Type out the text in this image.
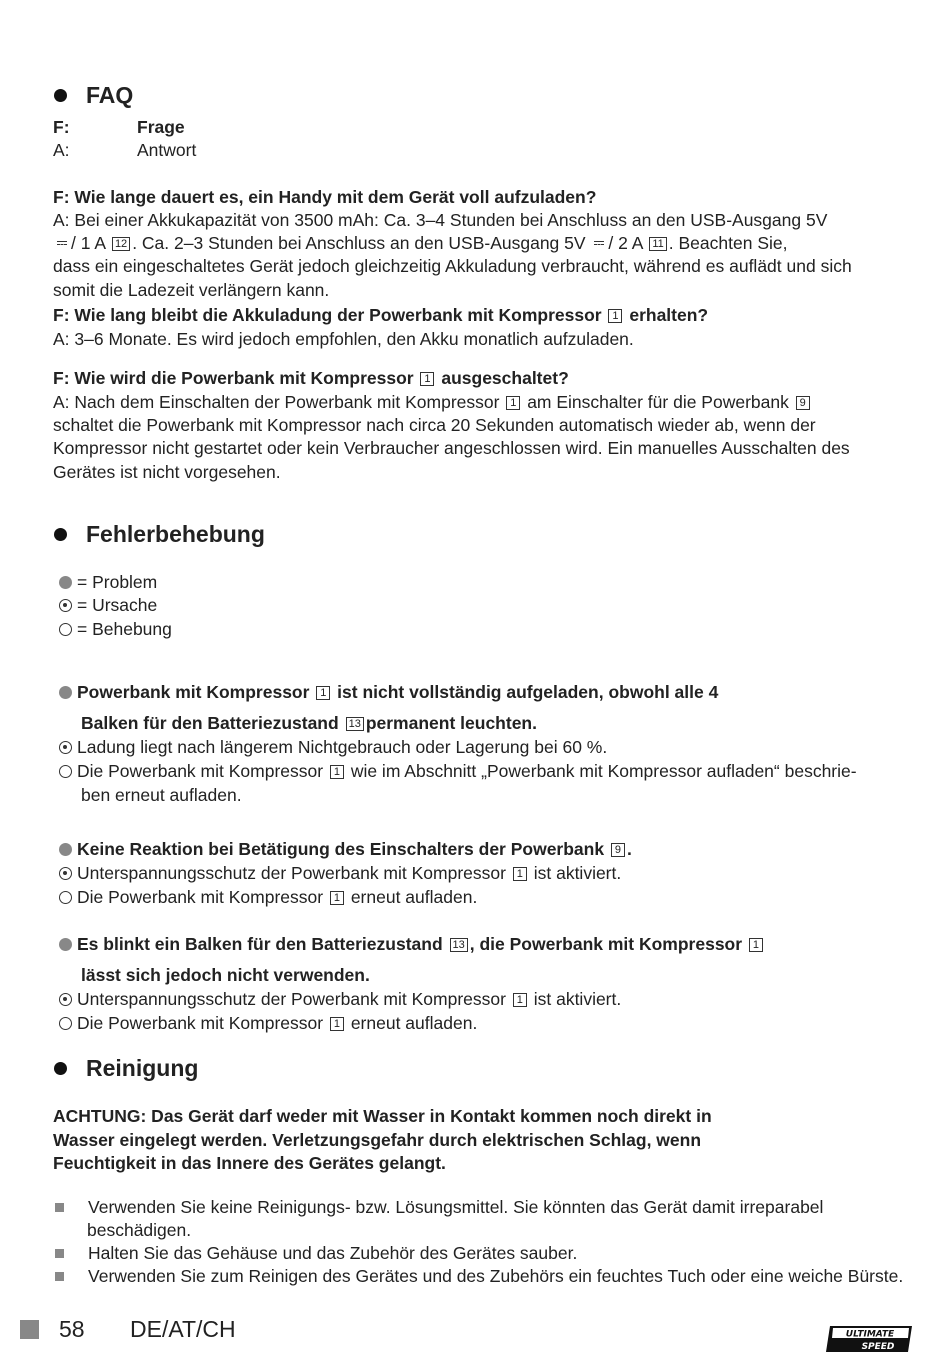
FAQ
F:	Frage
A:	Antwort
F: Wie lange dauert es, ein Handy mit dem Gerät voll aufzuladen?
A: Bei einer Akkukapazität von 3500 mAh: Ca. 3–4 Stunden bei Anschluss an den USB-Ausgang 5V
/ 1 A 12 . Ca. 2–3 Stunden bei Anschluss an den USB-Ausgang 5V / 2 A 11 . Beachten Sie,
dass ein eingeschaltetes Gerät jedoch gleichzeitig Akkuladung verbraucht, während es auflädt und sich
somit die Ladezeit verlängern kann.
F: Wie lang bleibt die Akkuladung der Powerbank mit Kompressor 1 erhalten?
A: 3–6 Monate. Es wird jedoch empfohlen, den Akku monatlich aufzuladen.
F: Wie wird die Powerbank mit Kompressor 1 ausgeschaltet?
A: Nach dem Einschalten der Powerbank mit Kompressor 1 am Einschalter für die Powerbank 9
schaltet die Powerbank mit Kompressor nach circa 20 Sekunden automatisch wieder ab, wenn der
Kompressor nicht gestartet oder kein Verbraucher angeschlossen wird. Ein manuelles Ausschalten des
Gerätes ist nicht vorgesehen.
Fehlerbehebung
= Problem
= Ursache
= Behebung
Powerbank mit Kompressor 1 ist nicht vollständig aufgeladen, obwohl alle 4
Balken für den Batteriezustand 13 permanent leuchten.
Ladung liegt nach längerem Nichtgebrauch oder Lagerung bei 60 %.
Die Powerbank mit Kompressor 1 wie im Abschnitt „Powerbank mit Kompressor aufladen“ beschrie-
ben erneut aufladen.
Keine Reaktion bei Betätigung des Einschalters der Powerbank 9 .
Unterspannungsschutz der Powerbank mit Kompressor 1 ist aktiviert.
Die Powerbank mit Kompressor 1 erneut aufladen.
Es blinkt ein Balken für den Batteriezustand 13 , die Powerbank mit Kompressor 1
lässt sich jedoch nicht verwenden.
Unterspannungsschutz der Powerbank mit Kompressor 1 ist aktiviert.
Die Powerbank mit Kompressor 1 erneut aufladen.
Reinigung
ACHTUNG: Das Gerät darf weder mit Wasser in Kontakt kommen noch direkt in
Wasser eingelegt werden. Verletzungsgefahr durch elektrischen Schlag, wenn
Feuchtigkeit in das Innere des Gerätes gelangt.
Verwenden Sie keine Reinigungs- bzw. Lösungsmittel. Sie könnten das Gerät damit irreparabel
beschädigen.
Halten Sie das Gehäuse und das Zubehör des Gerätes sauber.
Verwenden Sie zum Reinigen des Gerätes und des Zubehörs ein feuchtes Tuch oder eine weiche Bürste.
58 DE/AT/CH	ULTIMATE
SPEED
